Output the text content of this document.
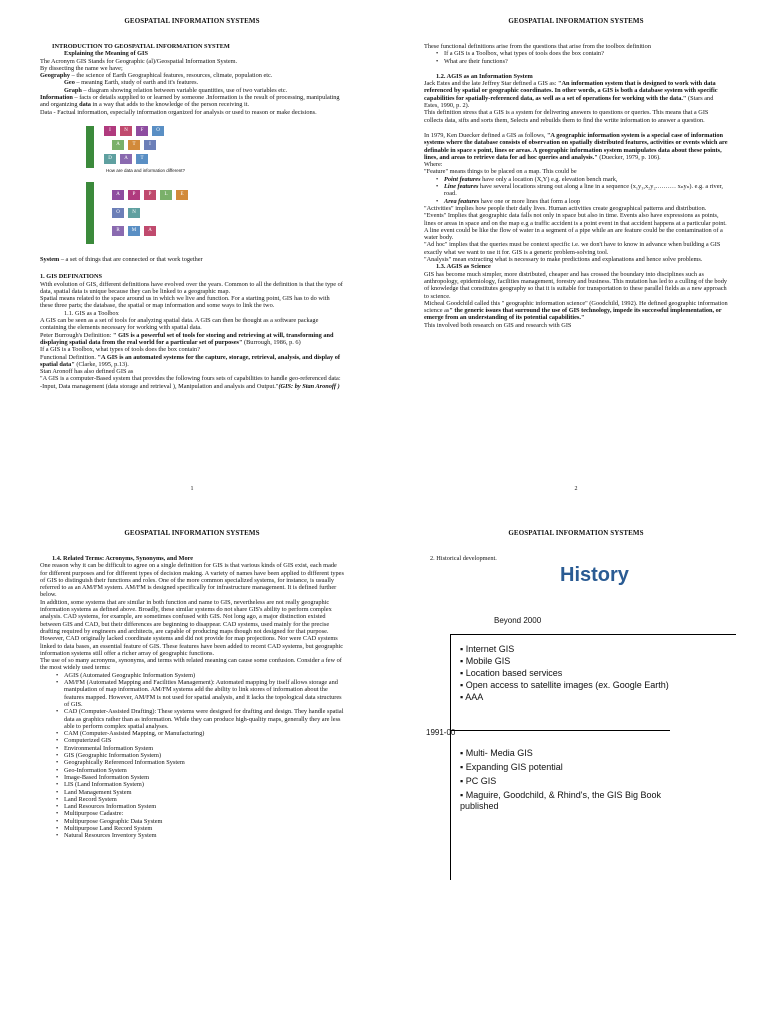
GEOSPATIAL INFORMATION SYSTEMS

INTRODUCTION TO GEOSPATIAL INFORMATION SYSTEM

Explaining the Meaning of GIS

The Acronym GIS Stands for Geographic (al)/Geospatial Information System.

By dissecting the name we have;

Geography – the science of Earth Geographical features, resources, climate, population etc.

Geo – meaning Earth, study of earth and it's features.

Graph – diagram showing relation between variable quantities, use of two variables etc.

Information – facts or details supplied to or learned by someone .Information is the result of processing, manipulating and organizing data in a way that adds to the knowledge of the person receiving it.

Data - Factual information, especially information organized for analysis or used to reason or make decisions.

I	N	F	O
A	T	I
D	A	T
How are data and information different?
A	P	P	L	E
O	N
R	M	A

System – a set of things that are connected or that work together

1. GIS DEFINATIONS

With evolution of GIS, different definitions have evolved over the years. Common to all the definition is that the type of data, spatial data is unique because they can be linked to a geographic map.

Spatial means related to the space around us in which we live and function. For a starting point, GIS has to do with these three parts; the database, the spatial or map information and some ways to link the two.

1.1. GIS as a Toolbox

A GIS can be seen as a set of tools for analyzing spatial data. A GIS can then be thought as a software package containing the elements necessary for working with spatial data.

Peter Burrough's Definition: " GIS is a powerful set of tools for storing and retrieving at will, transforming and displaying spatial data from the real world for a particular set of purposes" (Burrough, 1986, p. 6)

If a GIS is a Toolbox, what types of tools does the box contain?

Functional Definition. "A GIS is an automated systems for the capture, storage, retrieval, analysis, and display of spatial data" (Clarke, 1995, p.13).

Stan Aronoff has also defined GIS as

"A GIS is a computer-Based system that provides the following fours sets of capabilities to handle geo-referenced data: -Input, Data management (data storage and retrieval ), Manipulation and analysis and Output."(GIS: by Stan Aronoff )

1
GEOSPATIAL INFORMATION SYSTEMS

These functional definitions arise from the questions that arise from the toolbox definition

• If a GIS is a Toolbox, what types of tools does the box contain?

• What are their functions?

1.2. AGIS as an Information System

Jack Estes and the late Jeffrey Star defined a GIS as: "An information system that is designed to work with data referenced by spatial or geographic coordinates. In other words, a GIS is both a database system with specific capabilities for spatially-referenced data, as well as a set of operations for working with the data." (Stars and Estes, 1990, p. 2).

This definition stress that a GIS is a system for delivering answers to questions or queries. This means that a GIS collects data, sifts and sorts them, Selects and rebuilds them to find the wrtite information to answer a question.

In 1979, Ken Duecker defined a GIS as follows, "A geographic information system is a special case of information systems where the database consists of observation on spatially distributed features, activities or events which are definable in space s point, lines or areas. A geographic information system manipulates data about these points, lines, and areas to retrieve data for ad hoc queries and analysis." (Duecker, 1979, p. 106).

Where:

"Feature" means things to be placed on a map. This could be

• Point features have only a location (X,Y) e.g. elevation bench mark,

• Line features have several locations strung out along a line in a sequence (x₁y₁,x₂y₂.……… xₙyₙ). e.g. a river, road.

• Area features have one or more lines that form a loop

"Activities" implies how people their daily lives. Human activities create geographical patterns and distribution.

"Events" Implies that geographic data falls not only in space but also in time. Events also have expressions as points, lines or areas in space and on the map e.g a traffic accident is a point event in that accident happens at a particular point. A line event could be like the flow of water in a segment of a pipe while an are feature could be the contamination of a water body.

"Ad hoc" implies that the queries must be context specific i.e. we don't have to know in advance when building a GIS exactly what we want to use it for. GIS is a generic problem-solving tool.

"Analysis" mean extracting what is necessary to make predictions and explanations and hence solve problems.

1.3. AGIS as Science

GIS has become much simpler, more distributed, cheaper and has crossed the boundary into disciplines such as anthropology, epidemiology, facilities management, forestry and business. This mutation has led to a culling of the body of knowledge that constitutes geography so that it is suitable for transportation to these parallel fields as a new approach to science.

Micheal Goodchild called this " geographic information science" (Goodchild, 1992). He defined geographic information science as" the generic issues that surround the use of GIS technology, impede its successful implementation, or emerge from an understanding of its potential capabilities."

This involved both research on GIS and research with GIS

2
GEOSPATIAL INFORMATION SYSTEMS

1.4. Related Terms: Acronyms, Synonyms, and More

One reason why it can be difficult to agree on a single definition for GIS is that various kinds of GIS exist, each made for different purposes and for different types of decision making. A variety of names have been applied to different types of GIS to distinguish their functions and roles. One of the more common specialized systems, for instance, is usually referred to as an AM/FM system. AM/FM is designed specifically for infrastructure management. It is defined further below.

In addition, some systems that are similar in both function and name to GIS, nevertheless are not really geographic information systems as defined above. Broadly, these similar systems do not share GIS's ability to perform complex analysis. CAD systems, for example, are sometimes confused with GIS. Not long ago, a major distinction existed between GIS and CAD, but their differences are beginning to disappear. CAD systems, used mainly for the precise drafting required by engineers and architects, are capable of producing maps though not designed for that purpose. However, CAD originally lacked coordinate systems and did not provide for map projections. Nor were CAD systems linked to data bases, an essential feature of GIS. These features have been added to recent CAD systems, but geographic information systems still offer a richer array of geographic functions.

The use of so many acronyms, synonyms, and terms with related meaning can cause some confusion. Consider a few of the most widely used terms:

• AGIS (Automated Geographic Information System)

• AM/FM (Automated Mapping and Facilities Management): Automated mapping by itself allows storage and manipulation of map information. AM/FM systems add the ability to link stores of information about the features mapped. However, AM/FM is not used for spatial analysis, and it lacks the topological data structures of GIS.

• CAD (Computer-Assisted Drafting): These systems were designed for drafting and design. They handle spatial data as graphics rather than as information. While they can produce high-quality maps, generally they are less able to perform complex spatial analyses.

• CAM (Computer-Assisted Mapping, or Manufacturing)

• Computerized GIS

• Environmental Information System

• GIS (Geographic Information System)

• Geographically Referenced Information System

• Geo-Information System

• Image-Based Information System

• LIS (Land Information System)

• Land Management System

• Land Record System

• Land Resources Information System

• Multipurpose Cadastre:

• Multipurpose Geographic Data System

• Multipurpose Land Record System

• Natural Resources Inventory System

GEOSPATIAL INFORMATION SYSTEMS

2. Historical development.

History
Beyond 2000
▪ Internet GIS
▪ Mobile GIS
▪ Location based services
▪ Open access to satellite images (ex. Google Earth)
▪ AAA
1991-00
▪ Multi- Media GIS
▪ Expanding GIS potential
▪ PC GIS
▪ Maguire, Goodchild, & Rhind's, the GIS Big Book published
